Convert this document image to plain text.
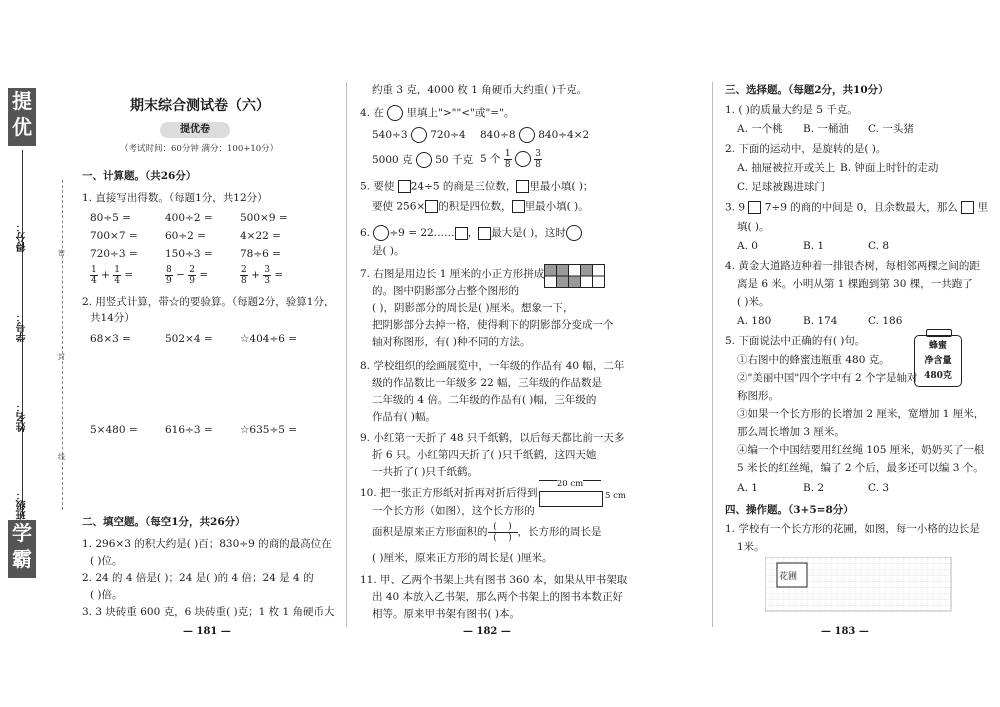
提优
学霸
得分：
学号：
姓名：
班级：
密
封
线
期末综合测试卷（六）
提优卷
（考试时间：60分钟 满分：100+10分）
一、计算题。（共26分）
1. 直接写出得数。（每题1分，共12分）
80÷5 =	400÷2 =	500×9 =
700×7 =	60÷2 =	4×22 =
720÷3 =	150÷3 =	78÷6 =
$\frac{1}{4} + \frac{1}{4}$ =	$\frac{8}{9} - \frac{2}{9}$ =	$\frac{2}{8} + \frac{3}{3}$ =
2. 用竖式计算，带☆的要验算。（每题2分，验算1分，
共14分）
68×3 =	502×4 =	☆404÷6 =
5×480 =	616÷3 =	☆635÷5 =
二、填空题。（每空1分，共26分）
1. 296×3 的积大约是( )百；830÷9 的商的最高位在
( )位。
2. 24 的 4 倍是( )；24 是( )的 4 倍；24 是 4 的
( )倍。
3. 3 块砖重 600 克，6 块砖重( )克；1 枚 1 角硬币大
— 181 —
约重 3 克，4000 枚 1 角硬币大约重( )千克。
4. 在 里填上">""<"或"="。
540÷3 720÷4 840÷8 840÷4×2
5000 克 50 千克 5 个 $\frac{1}{8}$
	$\frac{3}{8}$
5. 要使 24÷5 的商是三位数， 里最小填( )；
要使 256× 的积是四位数， 里最小填( )。
6. ÷9 = 22…… ， 最大是( )，这时
是( )。
7. 右图是用边长 1 厘米的小正方形拼成
的。图中阴影部分占整个图形的
( )，阴影部分的周长是( )厘米。想象一下，
把阴影部分去掉一格，使得剩下的阴影部分变成一个
轴对称图形，有( )种不同的方法。
8. 学校组织的绘画展览中，一年级的作品有 40 幅，二年
级的作品数比一年级多 22 幅，三年级的作品数是
二年级的 4 倍。二年级的作品有( )幅，三年级的
作品有( )幅。
9. 小红第一天折了 48 只千纸鹤，以后每天都比前一天多
折 6 只。小红第四天折了( )只千纸鹤，这四天她
一共折了( )只千纸鹤。
10. 把一张正方形纸对折再对折后得到
一个长方形（如图），这个长方形的
面积是原来正方形面积的 $\frac{( )}{( )}$ ，长方形的周长是
( )厘米，原来正方形的周长是( )厘米。
20 cm
5 cm
11. 甲、乙两个书架上共有图书 360 本，如果从甲书架取
出 40 本放入乙书架，那么两个书架上的图书本数正好
相等。原来甲书架有图书( )本。
— 182 —
三、选择题。（每题2分，共10分）
1. ( )的质量大约是 5 千克。
A. 一个桃 B. 一桶油 C. 一头猪
2. 下面的运动中，是旋转的是( )。
A. 抽屉被拉开或关上 B. 钟面上时针的走动
C. 足球被踢进球门
3. 9 7÷9 的商的中间是 0，且余数最大，那么 里
填( )。
A. 0	B. 1	C. 8
4. 黄金大道路边种着一排银杏树，每相邻两棵之间的距
离是 6 米。小明从第 1 棵跑到第 30 棵，一共跑了
( )米。
A. 180	B. 174	C. 186
5. 下面说法中正确的有( )句。
①右图中的蜂蜜违瓶重 480 克。
②"美丽中国"四个字中有 2 个字是轴对
称图形。
③如果一个长方形的长增加 2 厘米，宽增加 1 厘米，
那么周长增加 3 厘米。
④编一个中国结要用红丝绳 105 厘米，奶奶买了一根
5 米长的红丝绳，编了 2 个后，最多还可以编 3 个。
A. 1	B. 2	C. 3
蜂蜜
净含量
480克
四、操作题。（3+5=8分）
1. 学校有一个长方形的花圃，如图，每一小格的边长是
1米。
花圃
— 183 —
